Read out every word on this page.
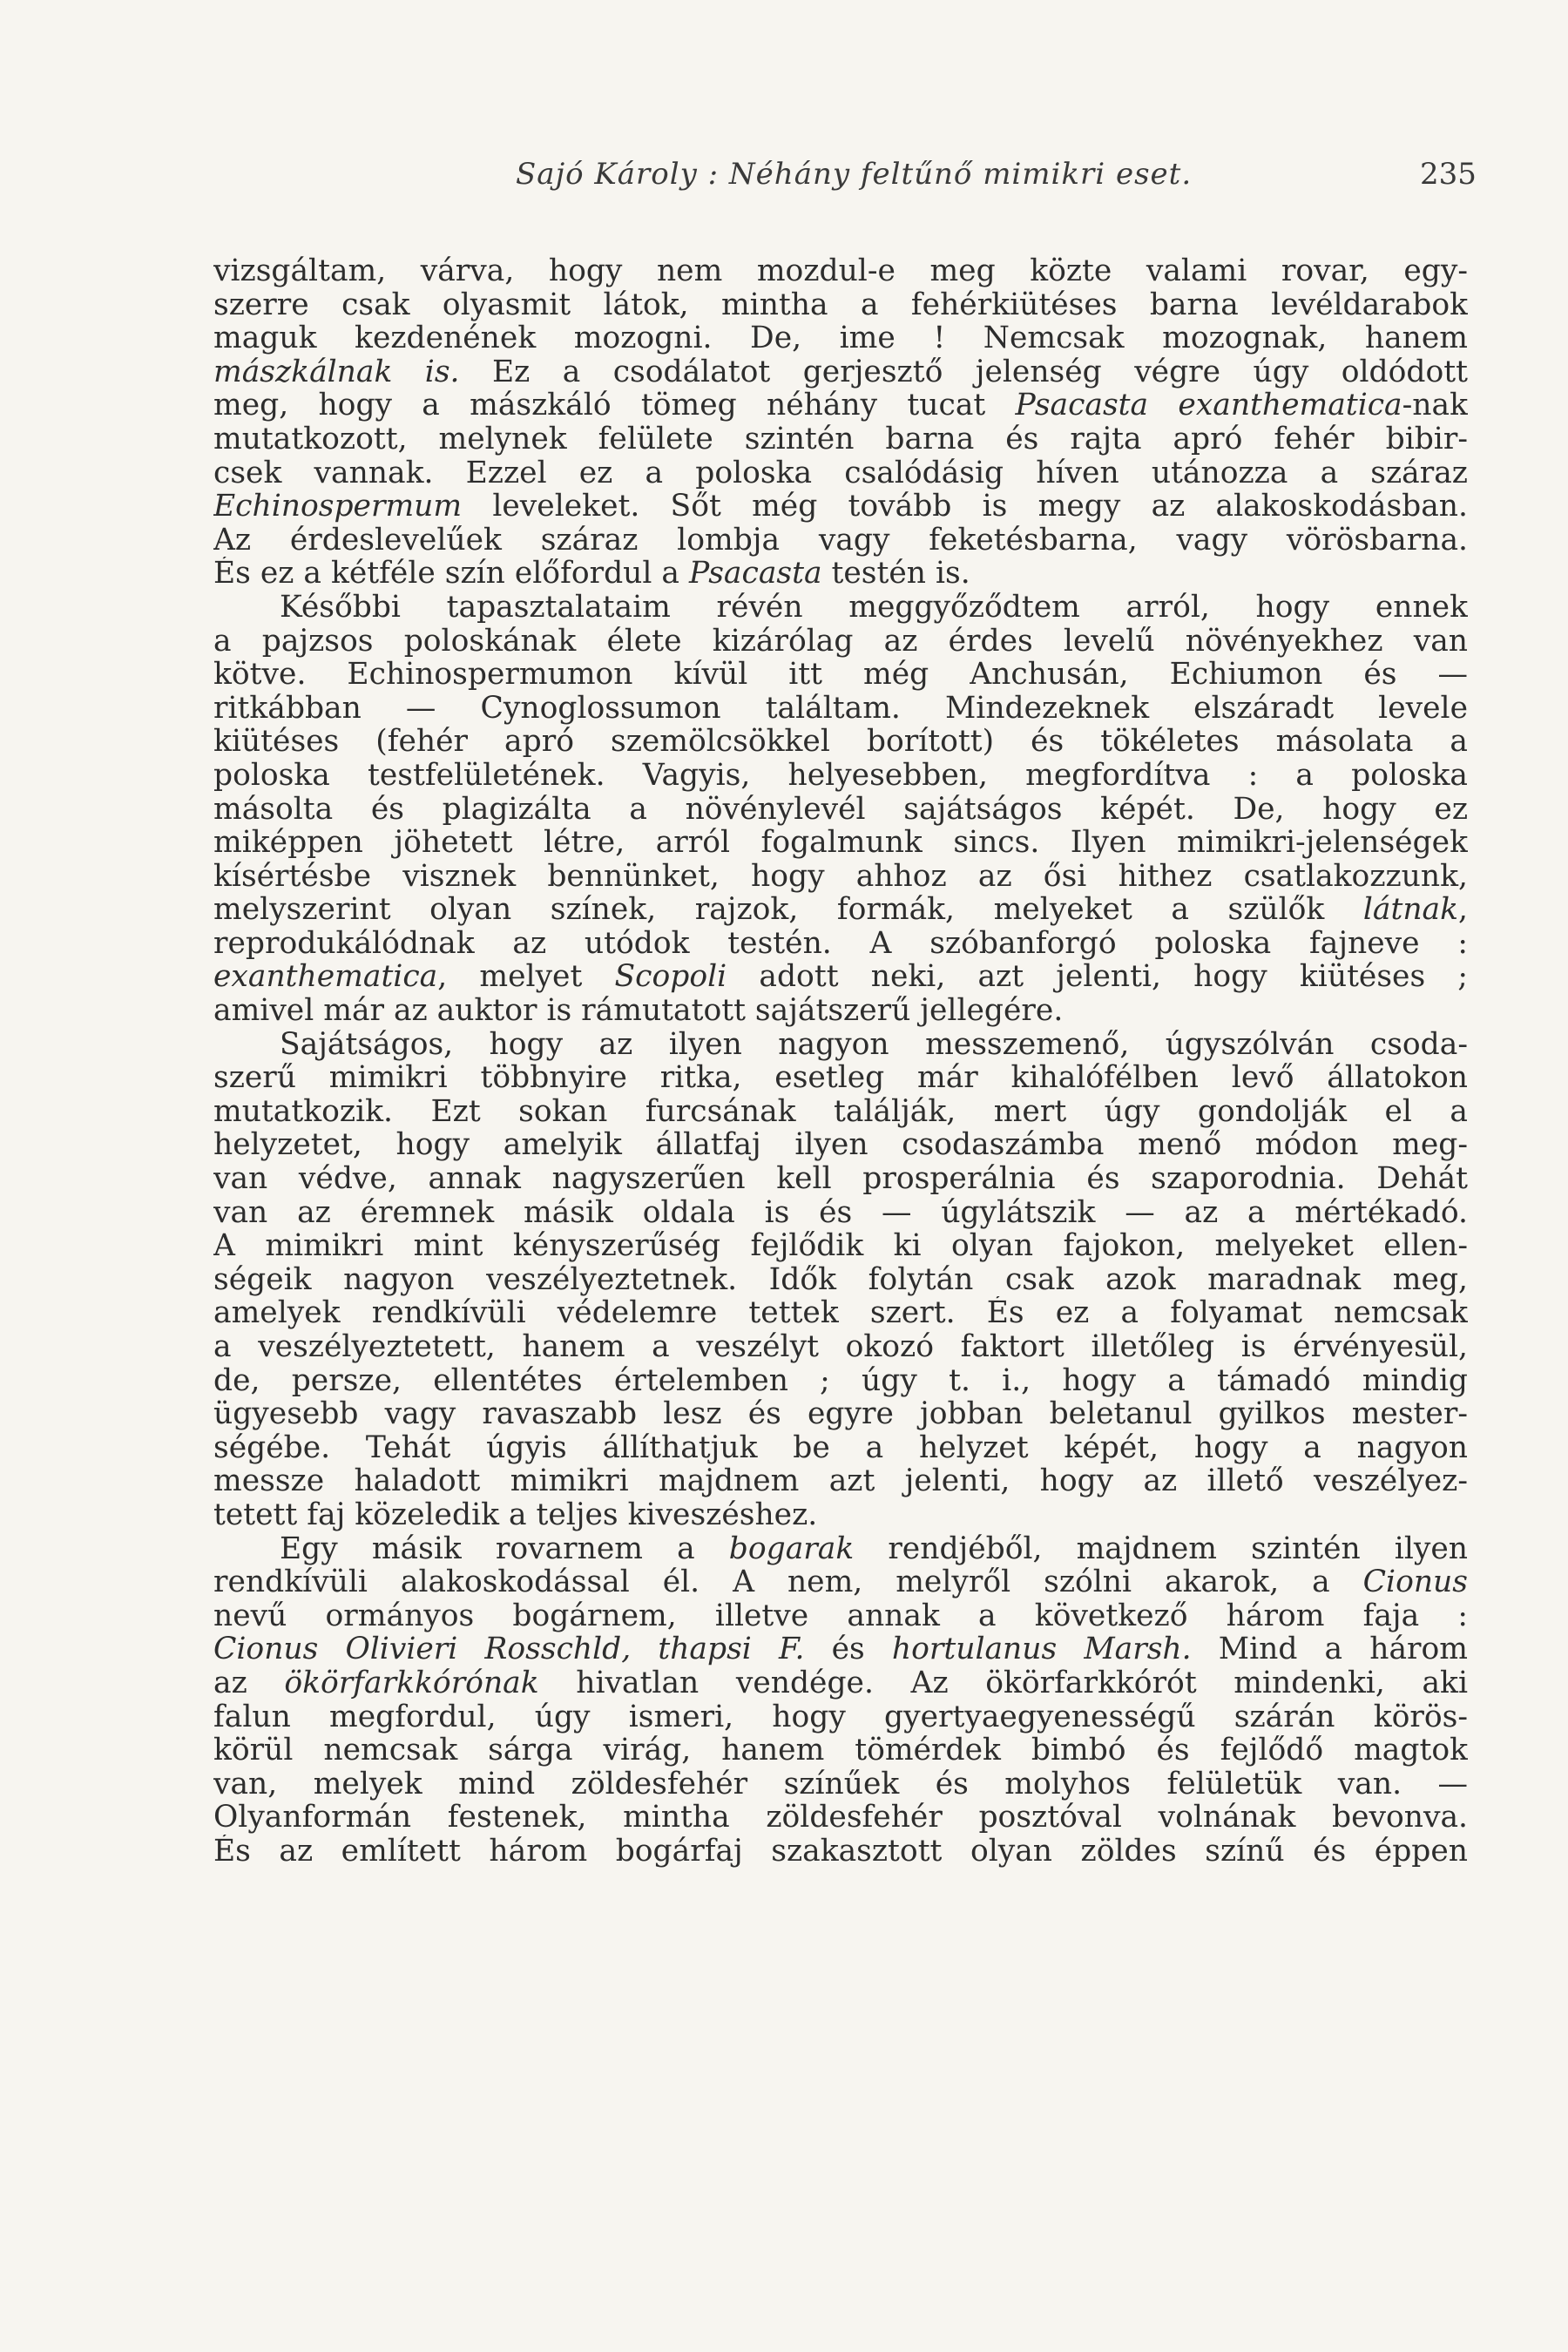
Sajó Károly : Néhány feltűnő mimikri eset.	235
vizsgáltam, várva, hogy nem mozdul-e meg közte valami rovar, egy-
szerre csak olyasmit látok, mintha a fehérkiütéses barna levéldarabok
maguk kezdenének mozogni. De, ime ! Nemcsak mozognak, hanem
mászkálnak is. Ez a csodálatot gerjesztő jelenség végre úgy oldódott
meg, hogy a mászkáló tömeg néhány tucat Psacasta exanthematica-nak
mutatkozott, melynek felülete szintén barna és rajta apró fehér bibir-
csek vannak. Ezzel ez a poloska csalódásig híven utánozza a száraz
Echinospermum leveleket. Sőt még tovább is megy az alakoskodásban.
Az érdeslevelűek száraz lombja vagy feketésbarna, vagy vörösbarna.
És ez a kétféle szín előfordul a Psacasta testén is.
Későbbi tapasztalataim révén meggyőződtem arról, hogy ennek
a pajzsos poloskának élete kizárólag az érdes levelű növényekhez van
kötve. Echinospermumon kívül itt még Anchusán, Echiumon és —
ritkábban — Cynoglossumon találtam. Mindezeknek elszáradt levele
kiütéses (fehér apró szemölcsökkel borított) és tökéletes másolata a
poloska testfelületének. Vagyis, helyesebben, megfordítva : a poloska
másolta és plagizálta a növénylevél sajátságos képét. De, hogy ez
miképpen jöhetett létre, arról fogalmunk sincs. Ilyen mimikri-jelenségek
kísértésbe visznek bennünket, hogy ahhoz az ősi hithez csatlakozzunk,
melyszerint olyan színek, rajzok, formák, melyeket a szülők látnak,
reprodukálódnak az utódok testén. A szóbanforgó poloska fajneve :
exanthematica, melyet Scopoli adott neki, azt jelenti, hogy kiütéses ;
amivel már az auktor is rámutatott sajátszerű jellegére.
Sajátságos, hogy az ilyen nagyon messzemenő, úgyszólván csoda-
szerű mimikri többnyire ritka, esetleg már kihalófélben levő állatokon
mutatkozik. Ezt sokan furcsának találják, mert úgy gondolják el a
helyzetet, hogy amelyik állatfaj ilyen csodaszámba menő módon meg-
van védve, annak nagyszerűen kell prosperálnia és szaporodnia. Dehát
van az éremnek másik oldala is és — úgylátszik — az a mértékadó.
A mimikri mint kényszerűség fejlődik ki olyan fajokon, melyeket ellen-
ségeik nagyon veszélyeztetnek. Idők folytán csak azok maradnak meg,
amelyek rendkívüli védelemre tettek szert. És ez a folyamat nemcsak
a veszélyeztetett, hanem a veszélyt okozó faktort illetőleg is érvényesül,
de, persze, ellentétes értelemben ; úgy t. i., hogy a támadó mindig
ügyesebb vagy ravaszabb lesz és egyre jobban beletanul gyilkos mester-
ségébe. Tehát úgyis állíthatjuk be a helyzet képét, hogy a nagyon
messze haladott mimikri majdnem azt jelenti, hogy az illető veszélyez-
tetett faj közeledik a teljes kiveszéshez.
Egy másik rovarnem a bogarak rendjéből, majdnem szintén ilyen
rendkívüli alakoskodással él. A nem, melyről szólni akarok, a Cionus
nevű ormányos bogárnem, illetve annak a következő három faja :
Cionus Olivieri Rosschld, thapsi F. és hortulanus Marsh. Mind a három
az ökörfarkkórónak hivatlan vendége. Az ökörfarkkórót mindenki, aki
falun megfordul, úgy ismeri, hogy gyertyaegyenességű szárán körös-
körül nemcsak sárga virág, hanem tömérdek bimbó és fejlődő magtok
van, melyek mind zöldesfehér színűek és molyhos felületük van. —
Olyanformán festenek, mintha zöldesfehér posztóval volnának bevonva.
És az említett három bogárfaj szakasztott olyan zöldes színű és éppen
